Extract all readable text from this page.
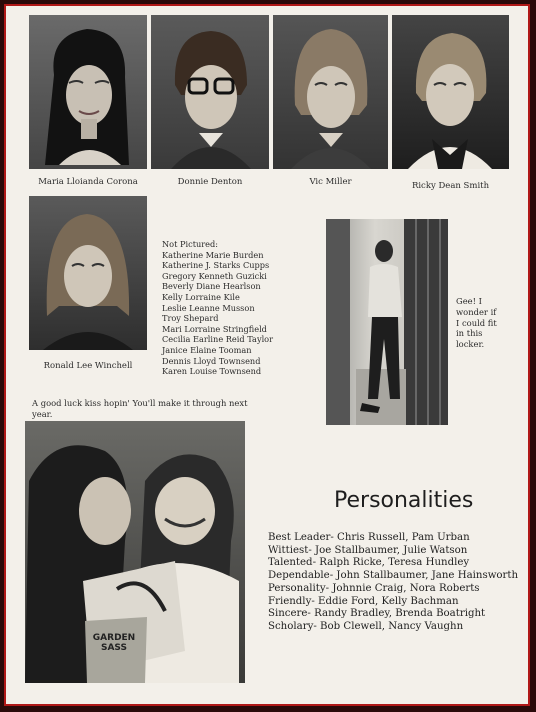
Maria Lloianda Corona	Donnie Denton	Vic Miller	Ricky Dean Smith
Ronald Lee Winchell
Not Pictured:
Katherine Marie Burden
Katherine J. Starks Cupps
Gregory Kenneth Guzicki
Beverly Diane Hearlson
Kelly Lorraine Kile
Leslie Leanne Musson
Troy Shepard
Mari Lorraine Stringfield
Cecilia Earline Reid Taylor
Janice Elaine Tooman
Dennis Lloyd Townsend
Karen Louise Townsend
Gee! I
wonder if
I could fit
in this
locker.
A good luck kiss hopin' You'll make it through next
year.
GARDEN SASS
Personalities
Best Leader- Chris Russell, Pam Urban
Wittiest- Joe Stallbaumer, Julie Watson
Talented- Ralph Ricke, Teresa Hundley
Dependable- John Stallbaumer, Jane Hainsworth
Personality- Johnnie Craig, Nora Roberts
Friendly- Eddie Ford, Kelly Bachman
Sincere- Randy Bradley, Brenda Boatright
Scholary- Bob Clewell, Nancy Vaughn
